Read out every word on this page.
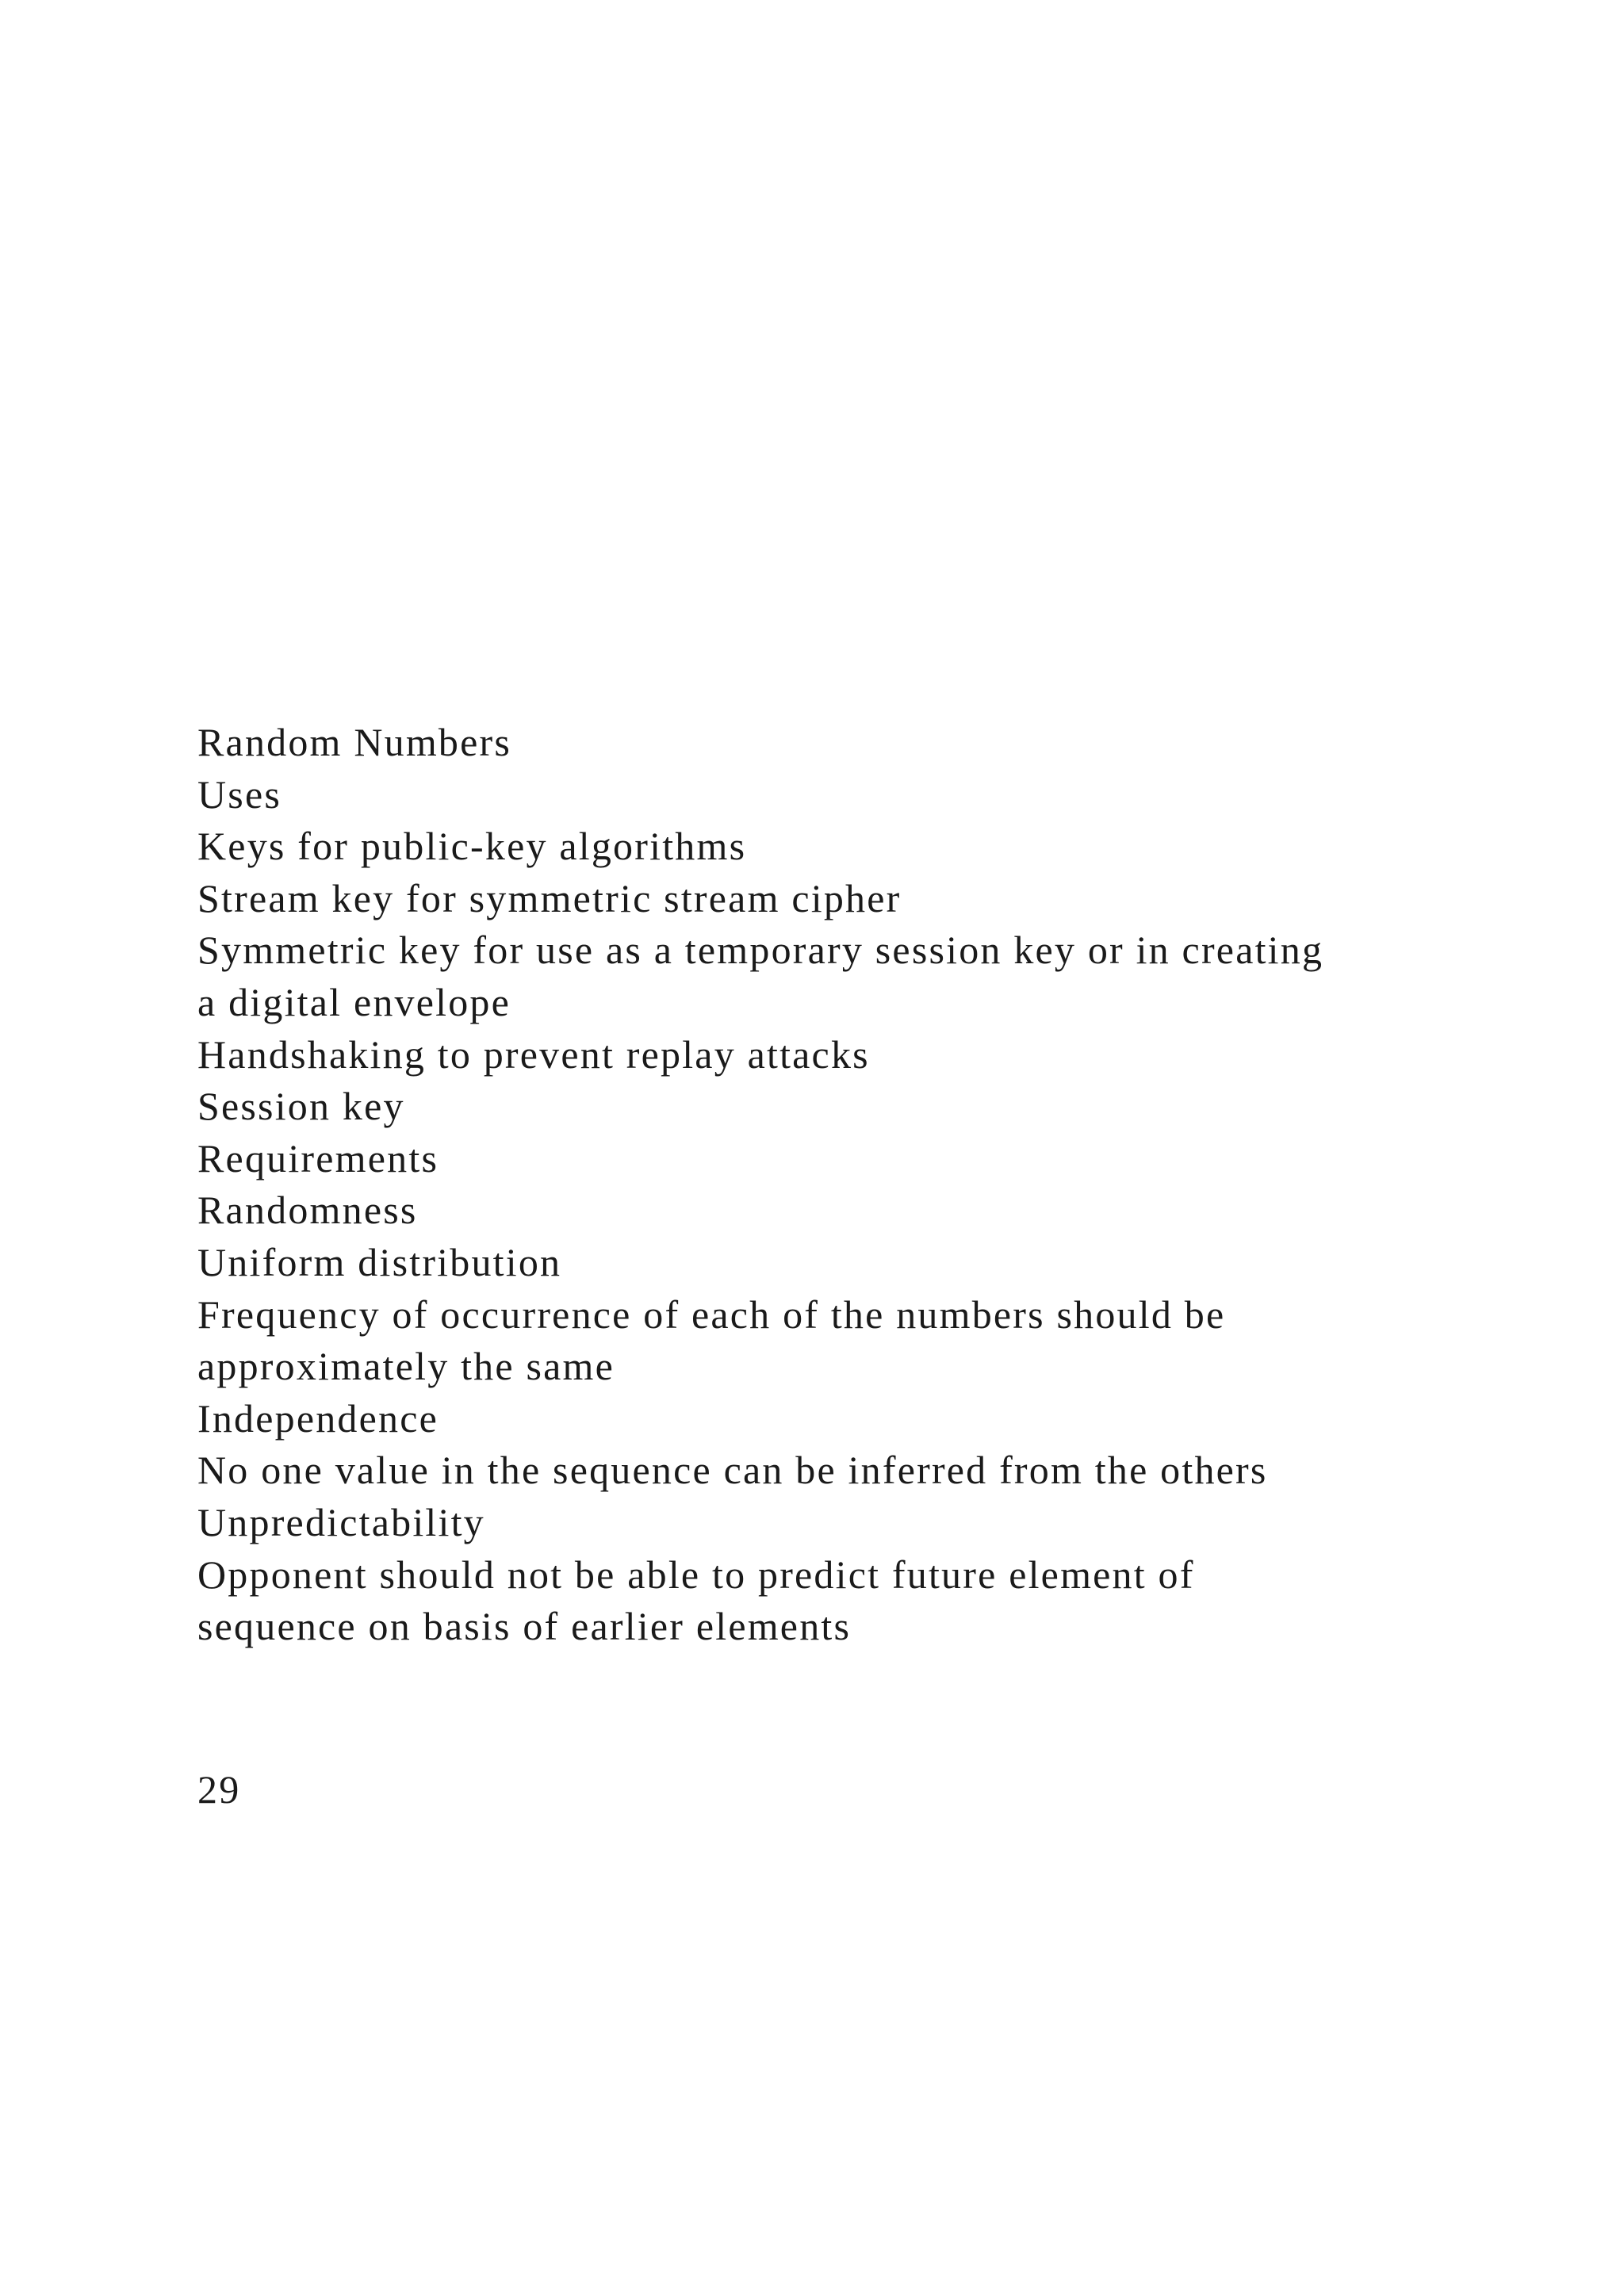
Random Numbers
Uses
Keys for public-key algorithms
Stream key for symmetric stream cipher
Symmetric key for use as a temporary session key or in creating
a digital envelope
Handshaking to prevent replay attacks
Session key
Requirements
Randomness
Uniform distribution
Frequency of occurrence of each of the numbers should be
approximately the same
Independence
No one value in the sequence can be inferred from the others
Unpredictability
Opponent should not be able to predict future element of
sequence on basis of earlier elements
29
